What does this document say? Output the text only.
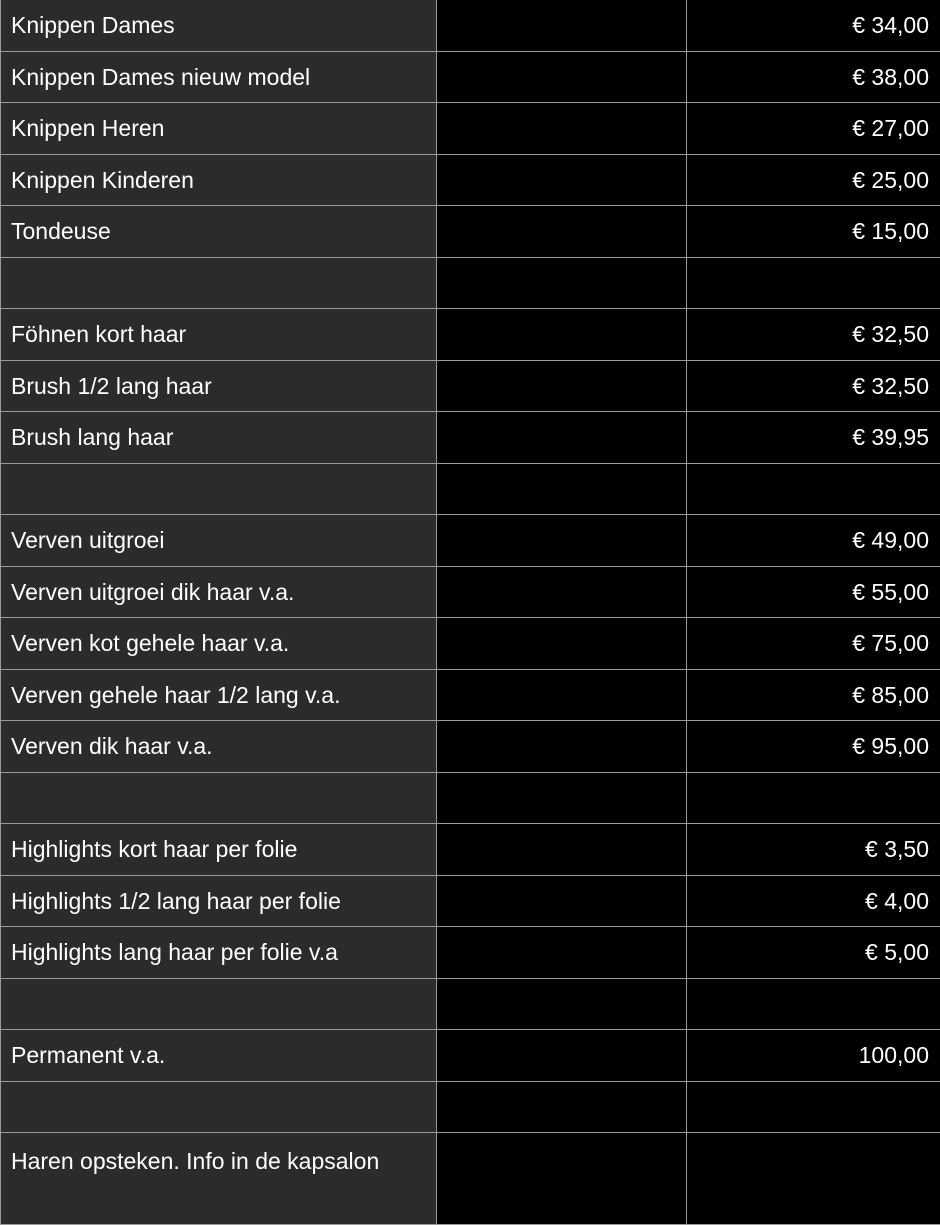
Knippen Dames		€ 34,00
Knippen Dames nieuw model		€ 38,00
Knippen Heren		€ 27,00
Knippen Kinderen		€ 25,00
Tondeuse		€ 15,00

Föhnen kort haar		€ 32,50
Brush 1/2 lang haar		€ 32,50
Brush lang haar		€ 39,95

Verven uitgroei		€ 49,00
Verven uitgroei dik haar v.a.		€ 55,00
Verven kot gehele haar v.a.		€ 75,00
Verven gehele haar 1/2 lang v.a.		€ 85,00
Verven dik haar v.a.		€ 95,00

Highlights kort haar per folie		€ 3,50
Highlights 1/2 lang haar per folie		€ 4,00
Highlights lang haar per folie v.a		€ 5,00

Permanent v.a.		100,00

Haren opsteken. Info in de kapsalon		
